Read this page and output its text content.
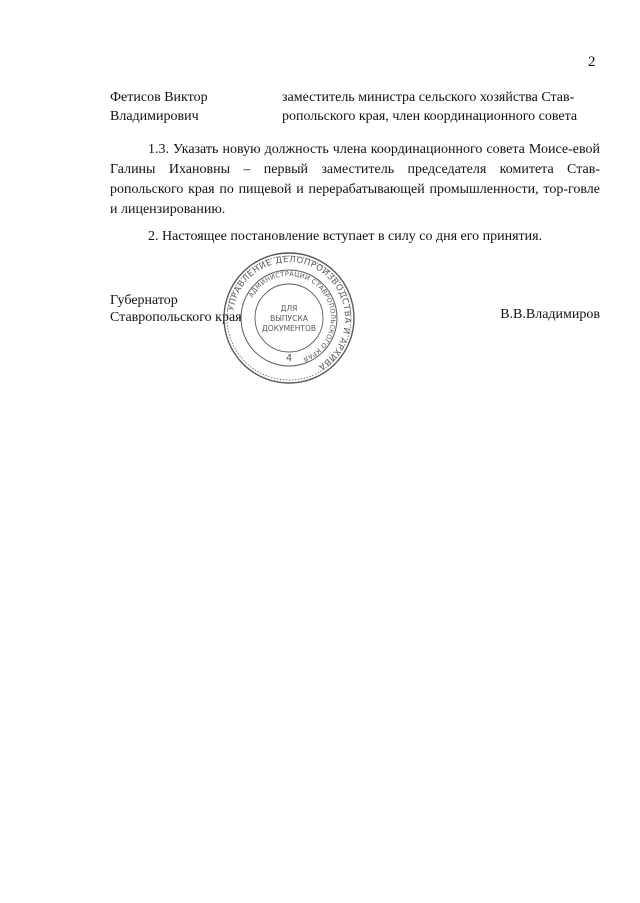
2
Фетисов Виктор
Владимирович
заместитель министра сельского хозяйства Став-
ропольского края, член координационного совета
1.3. Указать новую должность члена координационного совета Моисе-евой Галины Ихановны – первый заместитель председателя комитета Став-ропольского края по пищевой и перерабатывающей промышленности, тор-говле и лицензированию.
2. Настоящее постановление вступает в силу со дня его принятия.
Губернатор
Ставропольского края	В.В.Владимиров
УПРАВЛЕНИЕ ДЕЛОПРОИЗВОДСТВА И АРХИВА
АДМИНИСТРАЦИИ СТАВРОПОЛЬСКОГО КРАЯ
ДЛЯ
ВЫПУСКА
ДОКУМЕНТОВ
4
